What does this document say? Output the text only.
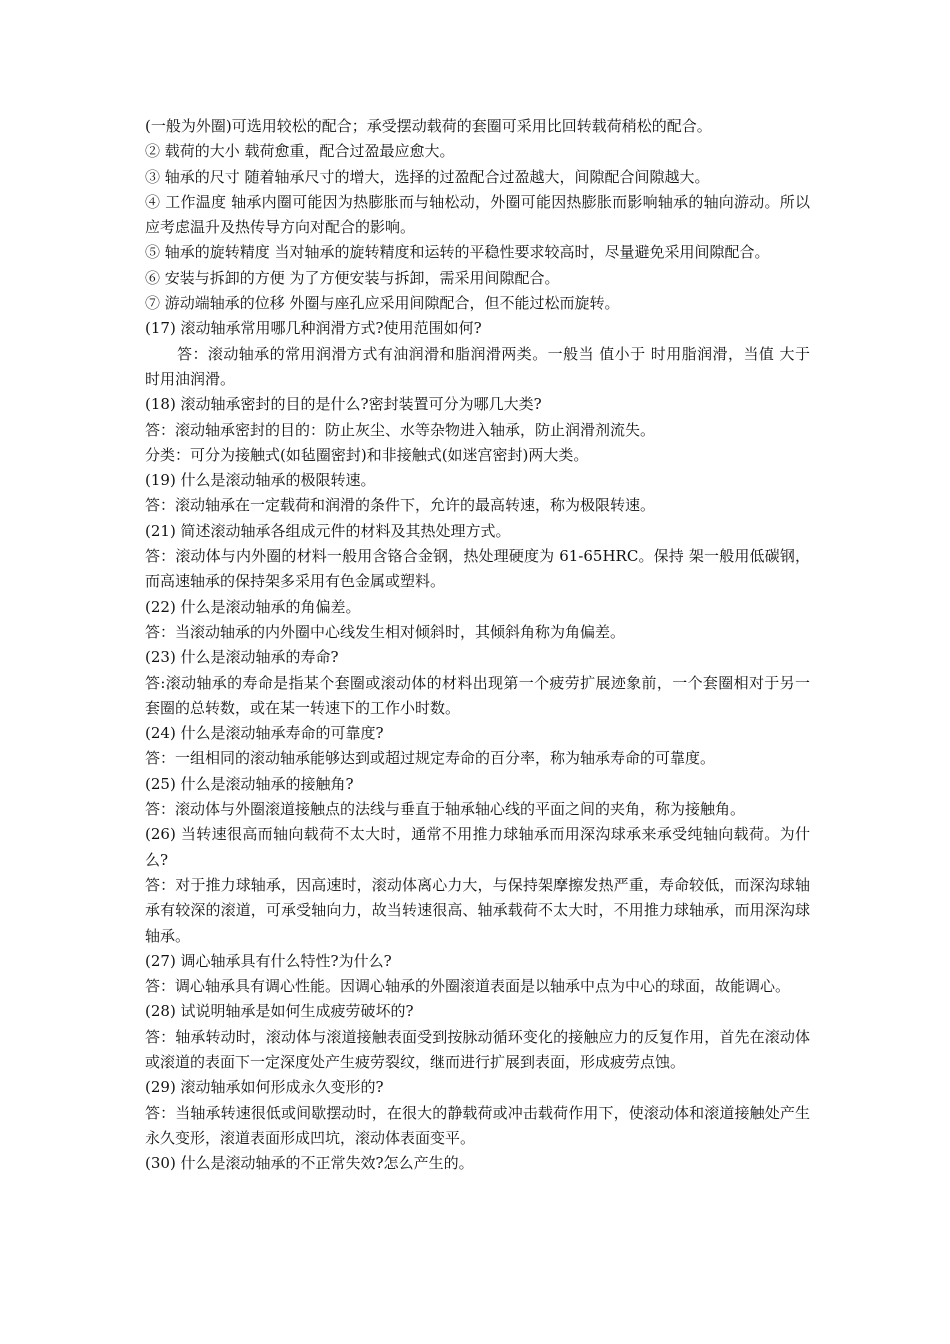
(一般为外圈)可选用较松的配合；承受摆动载荷的套圈可采用比回转载荷稍松的配合。

② 载荷的大小 载荷愈重，配合过盈最应愈大。

③ 轴承的尺寸 随着轴承尺寸的增大，选择的过盈配合过盈越大，间隙配合间隙越大。

④ 工作温度 轴承内圈可能因为热膨胀而与轴松动，外圈可能因热膨胀而影响轴承的轴向游动。所以应考虑温升及热传导方向对配合的影响。

⑤ 轴承的旋转精度 当对轴承的旋转精度和运转的平稳性要求较高时，尽量避免采用间隙配合。

⑥ 安装与拆卸的方便 为了方便安装与拆卸，需采用间隙配合。

⑦ 游动端轴承的位移 外圈与座孔应采用间隙配合，但不能过松而旋转。

(17) 滚动轴承常用哪几种润滑方式?使用范围如何?

答：滚动轴承的常用润滑方式有油润滑和脂润滑两类。一般当 值小于 时用脂润滑，当值 大于 时用油润滑。

(18) 滚动轴承密封的目的是什么?密封装置可分为哪几大类?

答：滚动轴承密封的目的：防止灰尘、水等杂物进入轴承，防止润滑剂流失。

分类：可分为接触式(如毡圈密封)和非接触式(如迷宫密封)两大类。

(19) 什么是滚动轴承的极限转速。

答：滚动轴承在一定载荷和润滑的条件下，允许的最高转速，称为极限转速。

(21) 简述滚动轴承各组成元件的材料及其热处理方式。

答：滚动体与内外圈的材料一般用含铬合金钢，热处理硬度为 61-65HRC。保持 架一般用低碳钢，而高速轴承的保持架多采用有色金属或塑料。

(22) 什么是滚动轴承的角偏差。

答：当滚动轴承的内外圈中心线发生相对倾斜时，其倾斜角称为角偏差。

(23) 什么是滚动轴承的寿命?

答:滚动轴承的寿命是指某个套圈或滚动体的材料出现第一个疲劳扩展迹象前，一个套圈相对于另一套圈的总转数，或在某一转速下的工作小时数。

(24) 什么是滚动轴承寿命的可靠度?

答：一组相同的滚动轴承能够达到或超过规定寿命的百分率，称为轴承寿命的可靠度。

(25) 什么是滚动轴承的接触角?

答：滚动体与外圈滚道接触点的法线与垂直于轴承轴心线的平面之间的夹角，称为接触角。

(26) 当转速很高而轴向载荷不太大时，通常不用推力球轴承而用深沟球承来承受纯轴向载荷。为什么?

答：对于推力球轴承，因高速时，滚动体离心力大，与保持架摩擦发热严重，寿命较低，而深沟球轴承有较深的滚道，可承受轴向力，故当转速很高、轴承载荷不太大时，不用推力球轴承，而用深沟球轴承。

(27) 调心轴承具有什么特性?为什么?

答：调心轴承具有调心性能。因调心轴承的外圈滚道表面是以轴承中点为中心的球面，故能调心。

(28) 试说明轴承是如何生成疲劳破坏的?

答：轴承转动时，滚动体与滚道接触表面受到按脉动循环变化的接触应力的反复作用，首先在滚动体或滚道的表面下一定深度处产生疲劳裂纹，继而进行扩展到表面，形成疲劳点蚀。

(29) 滚动轴承如何形成永久变形的?

答：当轴承转速很低或间歇摆动时，在很大的静载荷或冲击载荷作用下，使滚动体和滚道接触处产生永久变形，滚道表面形成凹坑，滚动体表面变平。

(30) 什么是滚动轴承的不正常失效?怎么产生的。
